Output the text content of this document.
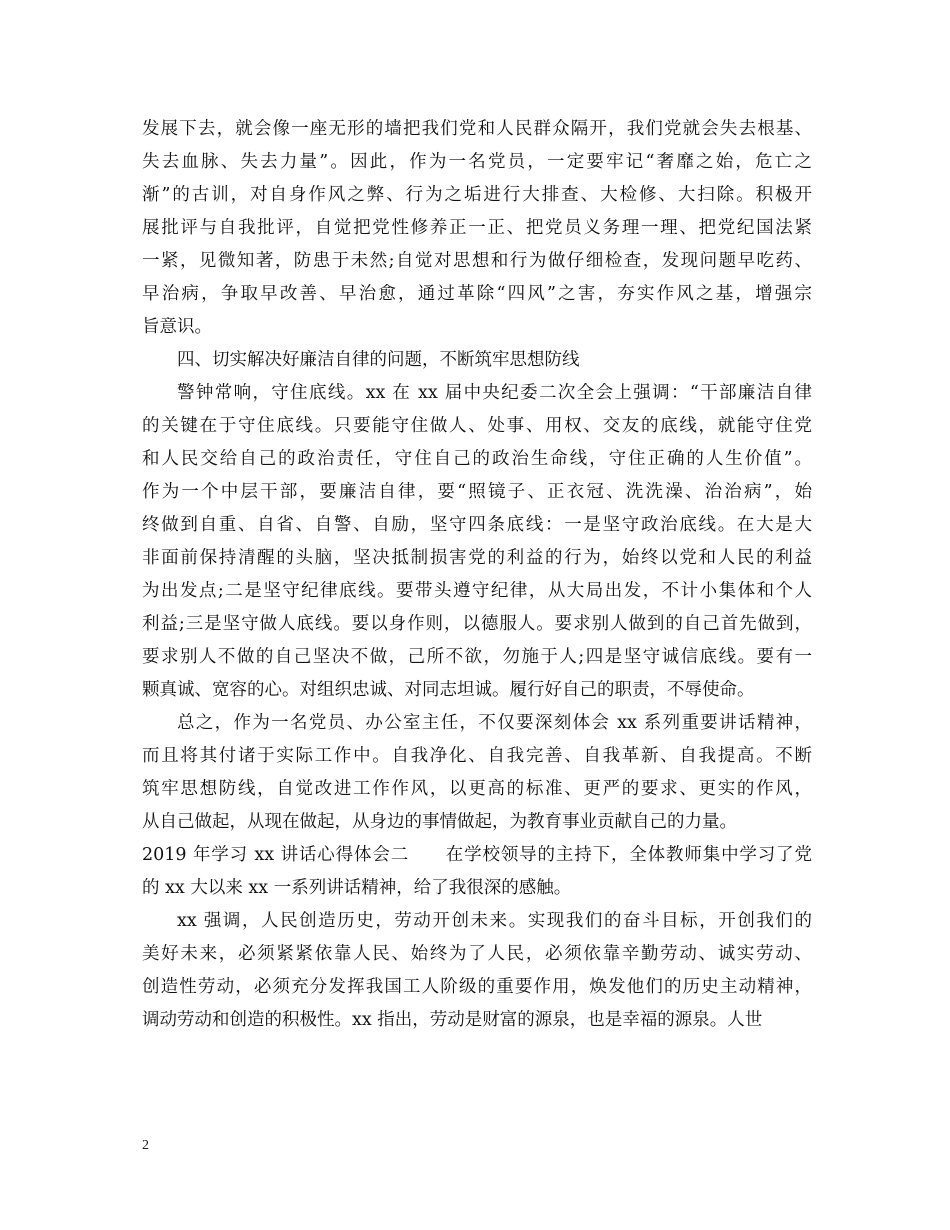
发展下去，就会像一座无形的墙把我们党和人民群众隔开，我们党就会失去根基、

失去血脉、失去力量”。因此，作为一名党员，一定要牢记“奢靡之始，危亡之

渐”的古训，对自身作风之弊、行为之垢进行大排查、大检修、大扫除。积极开

展批评与自我批评，自觉把党性修养正一正、把党员义务理一理、把党纪国法紧

一紧，见微知著，防患于未然;自觉对思想和行为做仔细检查，发现问题早吃药、

早治病，争取早改善、早治愈，通过革除“四风”之害，夯实作风之基，增强宗

旨意识。

四、切实解决好廉洁自律的问题，不断筑牢思想防线

警钟常响，守住底线。xx 在 xx 届中央纪委二次全会上强调：“干部廉洁自律

的关键在于守住底线。只要能守住做人、处事、用权、交友的底线，就能守住党

和人民交给自己的政治责任，守住自己的政治生命线，守住正确的人生价值”。

作为一个中层干部，要廉洁自律，要“照镜子、正衣冠、洗洗澡、治治病”，始

终做到自重、自省、自警、自励，坚守四条底线：一是坚守政治底线。在大是大

非面前保持清醒的头脑，坚决抵制损害党的利益的行为，始终以党和人民的利益

为出发点;二是坚守纪律底线。要带头遵守纪律，从大局出发，不计小集体和个人

利益;三是坚守做人底线。要以身作则，以德服人。要求别人做到的自己首先做到，

要求别人不做的自己坚决不做，己所不欲，勿施于人;四是坚守诚信底线。要有一

颗真诚、宽容的心。对组织忠诚、对同志坦诚。履行好自己的职责，不辱使命。

总之，作为一名党员、办公室主任，不仅要深刻体会 xx 系列重要讲话精神，

而且将其付诸于实际工作中。自我净化、自我完善、自我革新、自我提高。不断

筑牢思想防线，自觉改进工作作风，以更高的标准、更严的要求、更实的作风，

从自己做起，从现在做起，从身边的事情做起，为教育事业贡献自己的力量。

2019 年学习 xx 讲话心得体会二　　在学校领导的主持下，全体教师集中学习了党

的 xx 大以来 xx 一系列讲话精神，给了我很深的感触。

xx 强调，人民创造历史，劳动开创未来。实现我们的奋斗目标，开创我们的

美好未来，必须紧紧依靠人民、始终为了人民，必须依靠辛勤劳动、诚实劳动、

创造性劳动，必须充分发挥我国工人阶级的重要作用，焕发他们的历史主动精神，

调动劳动和创造的积极性。xx 指出，劳动是财富的源泉，也是幸福的源泉。人世

2
